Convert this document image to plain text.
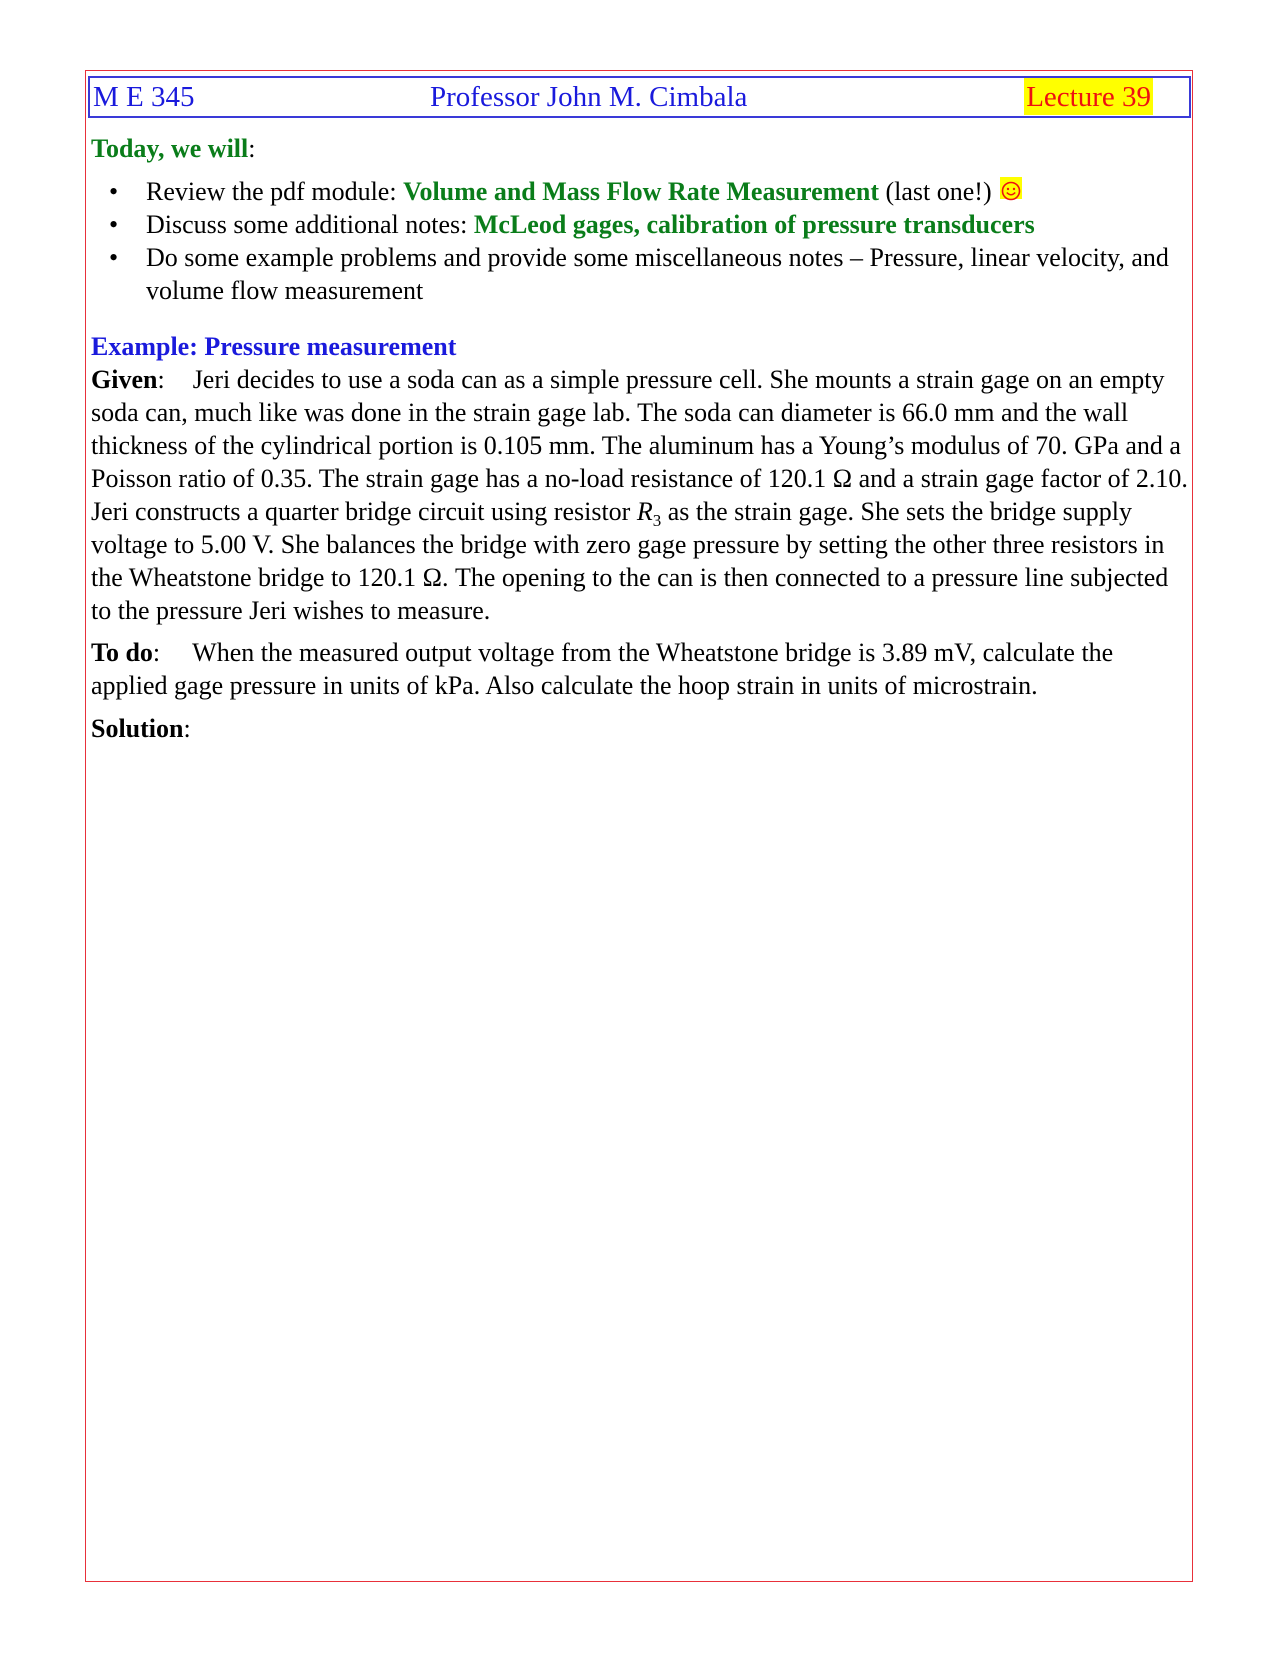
M E 345	Professor John M. Cimbala	Lecture 39

Today, we will:

• Review the pdf module: Volume and Mass Flow Rate Measurement (last one!)
• Discuss some additional notes: McLeod gages, calibration of pressure transducers
• Do some example problems and provide some miscellaneous notes – Pressure, linear velocity, and volume flow measurement

Example: Pressure measurement

Given: Jeri decides to use a soda can as a simple pressure cell. She mounts a strain gage on an empty soda can, much like was done in the strain gage lab. The soda can diameter is 66.0 mm and the wall thickness of the cylindrical portion is 0.105 mm. The aluminum has a Young’s modulus of 70. GPa and a Poisson ratio of 0.35. The strain gage has a no-load resistance of 120.1 Ω and a strain gage factor of 2.10. Jeri constructs a quarter bridge circuit using resistor $R_3$ as the strain gage. She sets the bridge supply voltage to 5.00 V. She balances the bridge with zero gage pressure by setting the other three resistors in the Wheatstone bridge to 120.1 Ω. The opening to the can is then connected to a pressure line subjected to the pressure Jeri wishes to measure.

To do: When the measured output voltage from the Wheatstone bridge is 3.89 mV, calculate the applied gage pressure in units of kPa. Also calculate the hoop strain in units of microstrain.

Solution:
